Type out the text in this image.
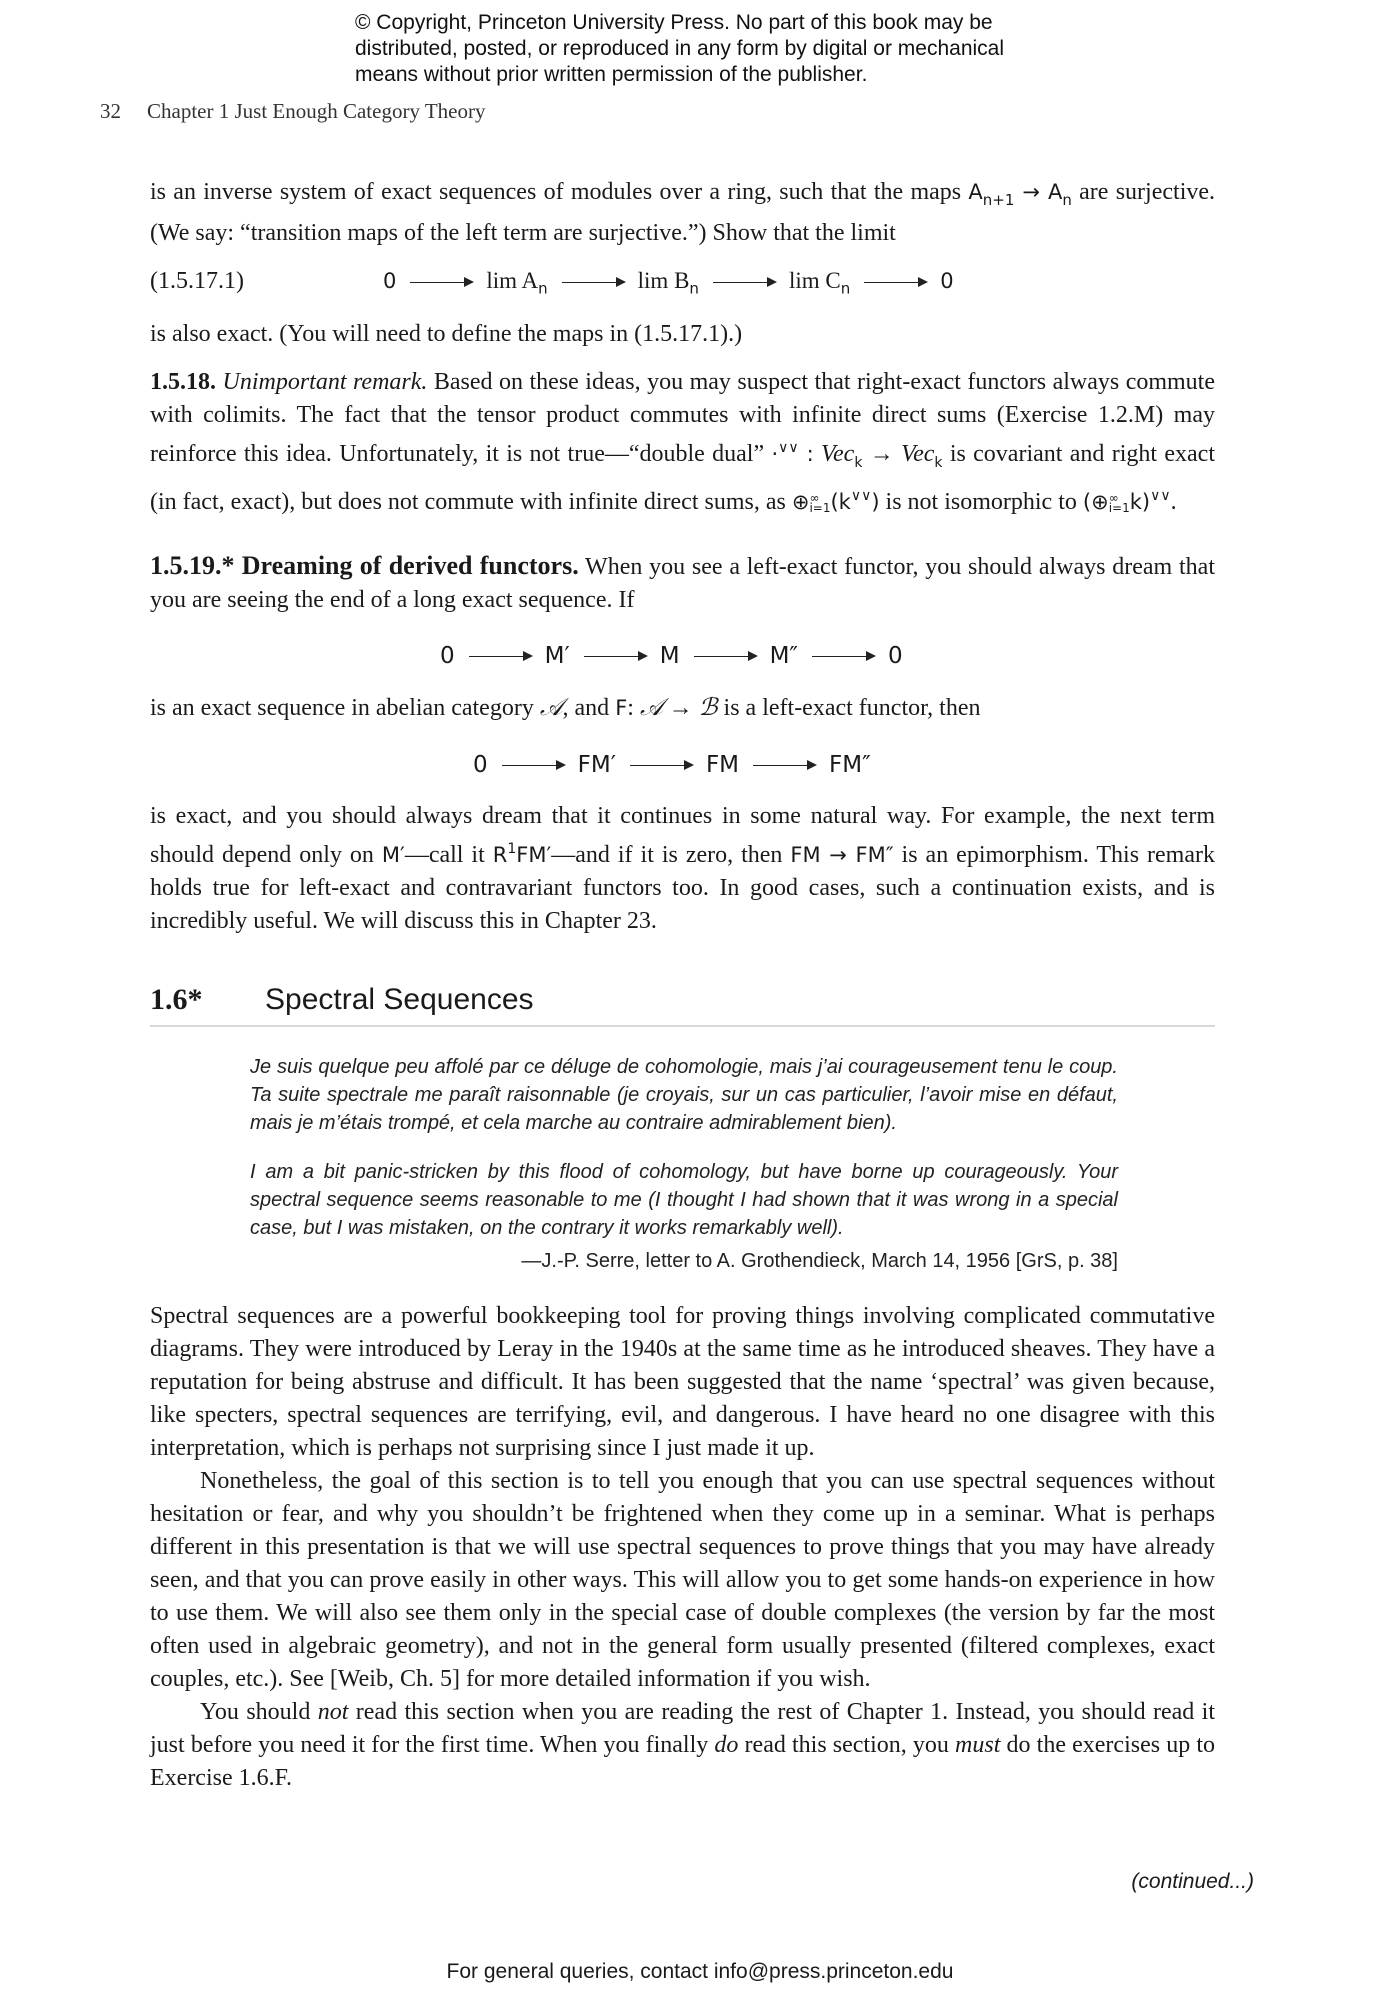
© Copyright, Princeton University Press. No part of this book may be
distributed, posted, or reproduced in any form by digital or mechanical
means without prior written permission of the publisher.
32 Chapter 1 Just Enough Category Theory

is an inverse system of exact sequences of modules over a ring, such that the maps $A_{n+1} \to A_n$ are surjective. (We say: “transition maps of the left term are surjective.”) Show that the limit

(1.5.17.1)	0	$\lim A_n$	$\lim B_n$	$\lim C_n$	0

is also exact. (You will need to define the maps in (1.5.17.1).)

1.5.18. Unimportant remark. Based on these ideas, you may suspect that right-exact functors always commute with colimits. The fact that the tensor product commutes with infinite direct sums (Exercise 1.2.M) may reinforce this idea. Unfortunately, it is not true—“double dual” ·∨∨ : Vec$_k$ → Vec$_k$ is covariant and right exact (in fact, exact), but does not commute with infinite direct sums, as ⊕ ∞
i=1 (k∨∨) is not isomorphic to (⊕ ∞
i=1 k)∨∨.

1.5.19.* Dreaming of derived functors. When you see a left-exact functor, you should always dream that you are seeing the end of a long exact sequence. If

0	M′	M	M″	0

is an exact sequence in abelian category 𝒜, and F: 𝒜 → ℬ is a left-exact functor, then

0	FM′	FM	FM″

is exact, and you should always dream that it continues in some natural way. For example, the next term should depend only on M′—call it $R^1FM'—and$ if it is zero, then FM → FM″ is an epimorphism. This remark holds true for left-exact and contravariant functors too. In good cases, such a continuation exists, and is incredibly useful. We will discuss this in Chapter 23.

1.6* Spectral Sequences

Je suis quelque peu affolé par ce déluge de cohomologie, mais j’ai courageusement tenu le coup. Ta suite spectrale me paraît raisonnable (je croyais, sur un cas particulier, l’avoir mise en défaut, mais je m’étais trompé, et cela marche au contraire admirablement bien).

I am a bit panic-stricken by this flood of cohomology, but have borne up courageously. Your spectral sequence seems reasonable to me (I thought I had shown that it was wrong in a special case, but I was mistaken, on the contrary it works remarkably well).

—J.-P. Serre, letter to A. Grothendieck, March 14, 1956 [GrS, p. 38]

Spectral sequences are a powerful bookkeeping tool for proving things involving complicated commutative diagrams. They were introduced by Leray in the 1940s at the same time as he introduced sheaves. They have a reputation for being abstruse and difficult. It has been suggested that the name ‘spectral’ was given because, like specters, spectral sequences are terrifying, evil, and dangerous. I have heard no one disagree with this interpretation, which is perhaps not surprising since I just made it up.

Nonetheless, the goal of this section is to tell you enough that you can use spectral sequences without hesitation or fear, and why you shouldn’t be frightened when they come up in a seminar. What is perhaps different in this presentation is that we will use spectral sequences to prove things that you may have already seen, and that you can prove easily in other ways. This will allow you to get some hands-on experience in how to use them. We will also see them only in the special case of double complexes (the version by far the most often used in algebraic geometry), and not in the general form usually presented (filtered complexes, exact couples, etc.). See [Weib, Ch. 5] for more detailed information if you wish.

You should not read this section when you are reading the rest of Chapter 1. Instead, you should read it just before you need it for the first time. When you finally do read this section, you must do the exercises up to Exercise 1.6.F.

(continued...)
For general queries, contact info@press.princeton.edu
